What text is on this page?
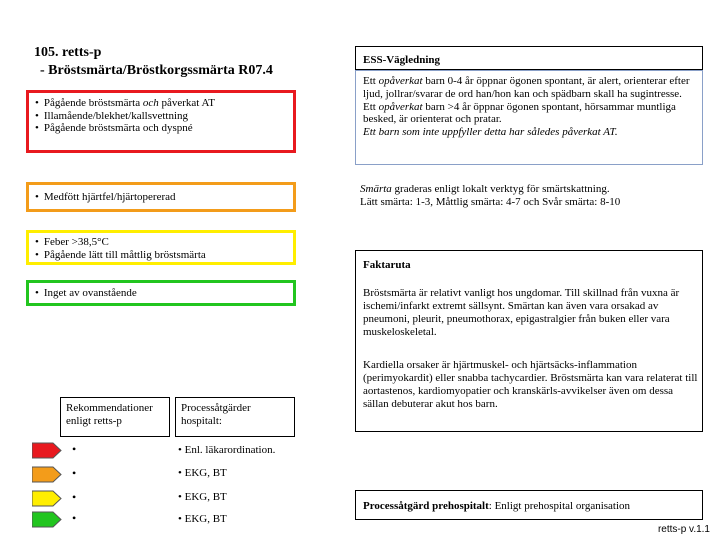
105. retts-p
- Bröstsmärta/Bröstkorgssmärta R07.4
• Pågående bröstsmärta och påverkat AT
• Illamående/blekhet/kallsvettning
• Pågående bröstsmärta och dyspné
• Medfött hjärtfel/hjärtopererad
• Feber >38,5°C
• Pågående lätt till måttlig bröstsmärta
• Inget av ovanstående
ESS-Vägledning
Ett opåverkat barn 0-4 år öppnar ögonen spontant, är alert, orienterar efter ljud, jollrar/svarar de ord han/hon kan och spädbarn skall ha sugintresse.
Ett opåverkat barn >4 år öppnar ögonen spontant, hörsammar muntliga besked, är orienterat och pratar.
Ett barn som inte uppfyller detta har således påverkat AT.
Smärta graderas enligt lokalt verktyg för smärtskattning.
Lätt smärta: 1-3, Måttlig smärta: 4-7 och Svår smärta: 8-10
Faktaruta
Bröstsmärta är relativt vanligt hos ungdomar. Till skillnad från vuxna är ischemi/infarkt extremt sällsynt. Smärtan kan även vara orsakad av pneumoni, pleurit, pneumothorax, epigastralgier från buken eller vara muskeloskeletal.
Kardiella orsaker är hjärtmuskel- och hjärtsäcks-inflammation (perimyokardit) eller snabba tachycardier. Bröstsmärta kan vara relaterat till aortastenos, kardiomyopatier och kranskärls-avvikelser även om dessa sällan debuterar akut hos barn.
Rekommendationer enligt retts-p
Processåtgärder hospitalt:
•	• Enl. läkarordination.
•	• EKG, BT
•	• EKG, BT
•	• EKG, BT
Processåtgärd prehospitalt: Enligt prehospital organisation
retts-p v.1.1
